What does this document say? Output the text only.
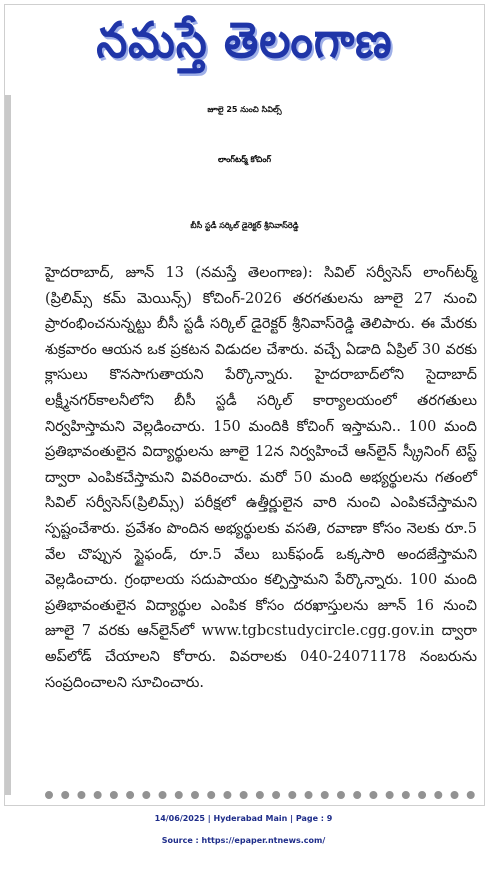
నమస్తే తెలంగాణ
జూలై 25 నుంచి సివిల్స్
లాంగ్‌టర్మ్ కోచింగ్
బీసీ స్టడీ సర్కిల్ డైరెక్టర్ శ్రీనివాస్‌రెడ్డి
హైదరాబాద్, జూన్ 13 (నమస్తే తెలంగాణ): సివిల్ సర్వీసెస్ లాంగ్‌టర్మ్ (ప్రిలిమ్స్ కమ్ మెయిన్స్) కోచింగ్-2026 తరగతులను జూలై 27 నుంచి ప్రారంభించనున్నట్టు బీసీ స్టడీ సర్కిల్ డైరెక్టర్ శ్రీనివాస్‌రెడ్డి తెలిపారు. ఈ మేరకు శుక్రవారం ఆయన ఒక ప్రకటన విడుదల చేశారు. వచ్చే ఏడాది ఏప్రిల్ 30 వరకు క్లాసులు కొనసాగుతాయని పేర్కొన్నారు. హైదరాబాద్‌లోని సైదాబాద్ లక్ష్మీనగర్‌కాలనీలోని బీసీ స్టడీ సర్కిల్ కార్యాలయంలో తరగతులు నిర్వహిస్తామని వెల్లడించారు. 150 మందికి కోచింగ్ ఇస్తామని.. 100 మంది ప్రతిభావంతులైన విద్యార్థులను జూలై 12న నిర్వహించే ఆన్‌లైన్ స్క్రీనింగ్ టెస్ట్ ద్వారా ఎంపికచేస్తామని వివరించారు. మరో 50 మంది అభ్యర్థులను గతంలో సివిల్ సర్వీసెస్(ప్రిలిమ్స్) పరీక్షలో ఉత్తీర్ణులైన వారి నుంచి ఎంపికచేస్తామని స్పష్టంచేశారు. ప్రవేశం పొందిన అభ్యర్థులకు వసతి, రవాణా కోసం నెలకు రూ.5 వేల చొప్పున స్టైఫండ్, రూ.5 వేలు బుక్‌ఫండ్ ఒక్కసారి అందజేస్తామని వెల్లడించారు. గ్రంథాలయ సదుపాయం కల్పిస్తామని పేర్కొన్నారు. 100 మంది ప్రతిభావంతులైన విద్యార్థుల ఎంపిక కోసం దరఖాస్తులను జూన్ 16 నుంచి జూలై 7 వరకు ఆన్‌లైన్‌లో www.tgbcstudycircle.cgg.gov.in ద్వారా అప్‌లోడ్ చేయాలని కోరారు. వివరాలకు 040-24071178 నంబరును సంప్రదించాలని సూచించారు.
14/06/2025 | Hyderabad Main | Page : 9
Source : https://epaper.ntnews.com/
